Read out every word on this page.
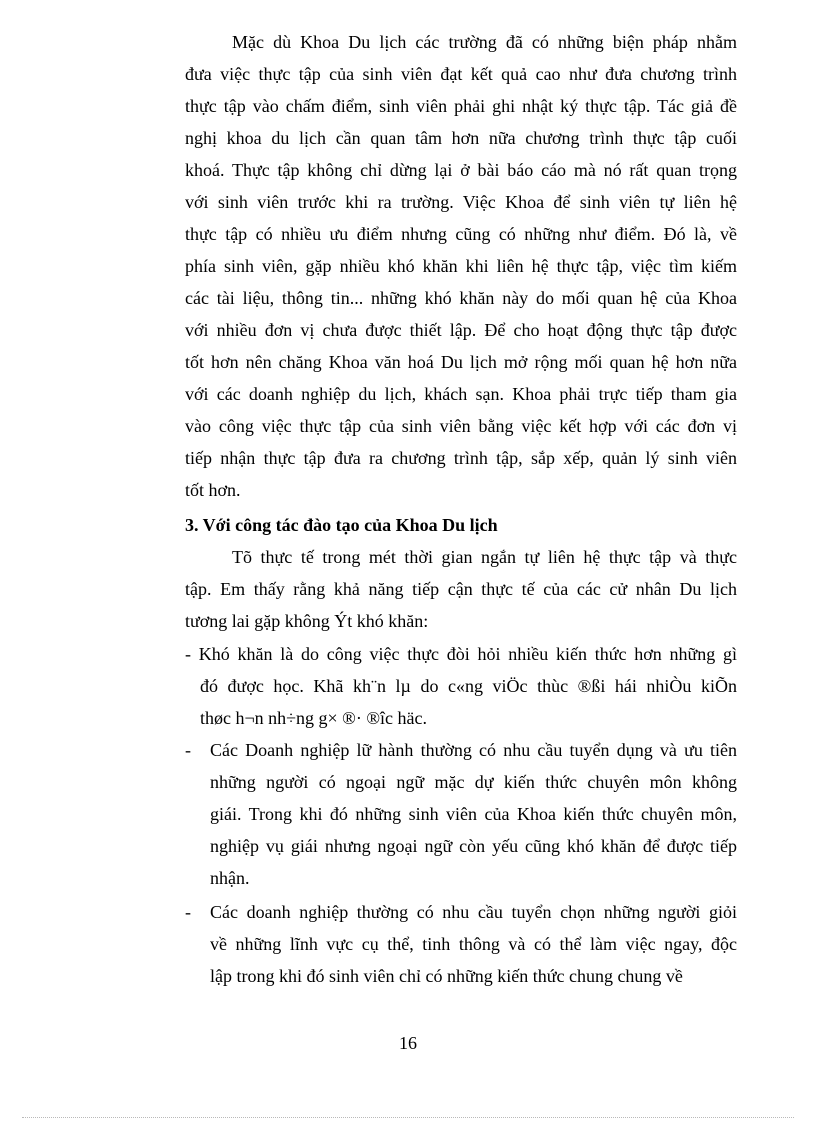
Mặc dù Khoa Du lịch các trường đã có những biện pháp nhằm
đưa việc thực tập của sinh viên đạt kết quả cao như đưa chương trình
thực tập vào chấm điểm, sinh viên phải ghi nhật ký thực tập. Tác giả đề
nghị khoa du lịch cần quan tâm hơn nữa chương trình thực tập cuối
khoá. Thực tập không chỉ dừng lại ở bài báo cáo mà nó rất quan trọng
với sinh viên trước khi ra trường. Việc Khoa để sinh viên tự liên hệ
thực tập có nhiều ưu điểm nhưng cũng có những như điểm. Đó là, về
phía sinh viên, gặp nhiều khó khăn khi liên hệ thực tập, việc tìm kiếm
các tài liệu, thông tin... những khó khăn này do mối quan hệ của Khoa
với nhiều đơn vị chưa được thiết lập. Để cho hoạt động thực tập được
tốt hơn nên chăng Khoa văn hoá Du lịch mở rộng mối quan hệ hơn nữa
với các doanh nghiệp du lịch, khách sạn. Khoa phải trực tiếp tham gia
vào công việc thực tập của sinh viên bằng việc kết hợp với các đơn vị
tiếp nhận thực tập đưa ra chương trình tập, sắp xếp, quản lý sinh viên
tốt hơn.
3. Với công tác đào tạo của Khoa Du lịch
Tõ thực tế trong mét thời gian ngắn tự liên hệ thực tập và thực
tập. Em thấy rằng khả năng tiếp cận thực tế của các cử nhân Du lịch
tương lai gặp không Ýt khó khăn:
- Khó khăn là do công việc thực đòi hỏi nhiều kiến thức hơn những gì
đó được học. Khã kh¨n lµ do c«ng viÖc thùc ®ßi hái nhiÒu kiÕn
thøc h¬n nh÷ng g× ®· ®îc häc.
-	Các Doanh nghiệp lữ hành thường có nhu cầu tuyển dụng và ưu tiên
những người có ngoại ngữ mặc dự kiến thức chuyên môn không
giái. Trong khi đó những sinh viên của Khoa kiến thức chuyên môn,
nghiệp vụ giái nhưng ngoại ngữ còn yếu cũng khó khăn để được tiếp
nhận.
-	Các doanh nghiệp thường có nhu cầu tuyển chọn những người giỏi
về những lĩnh vực cụ thể, tinh thông và có thể làm việc ngay, độc
lập trong khi đó sinh viên chỉ có những kiến thức chung chung về
16
